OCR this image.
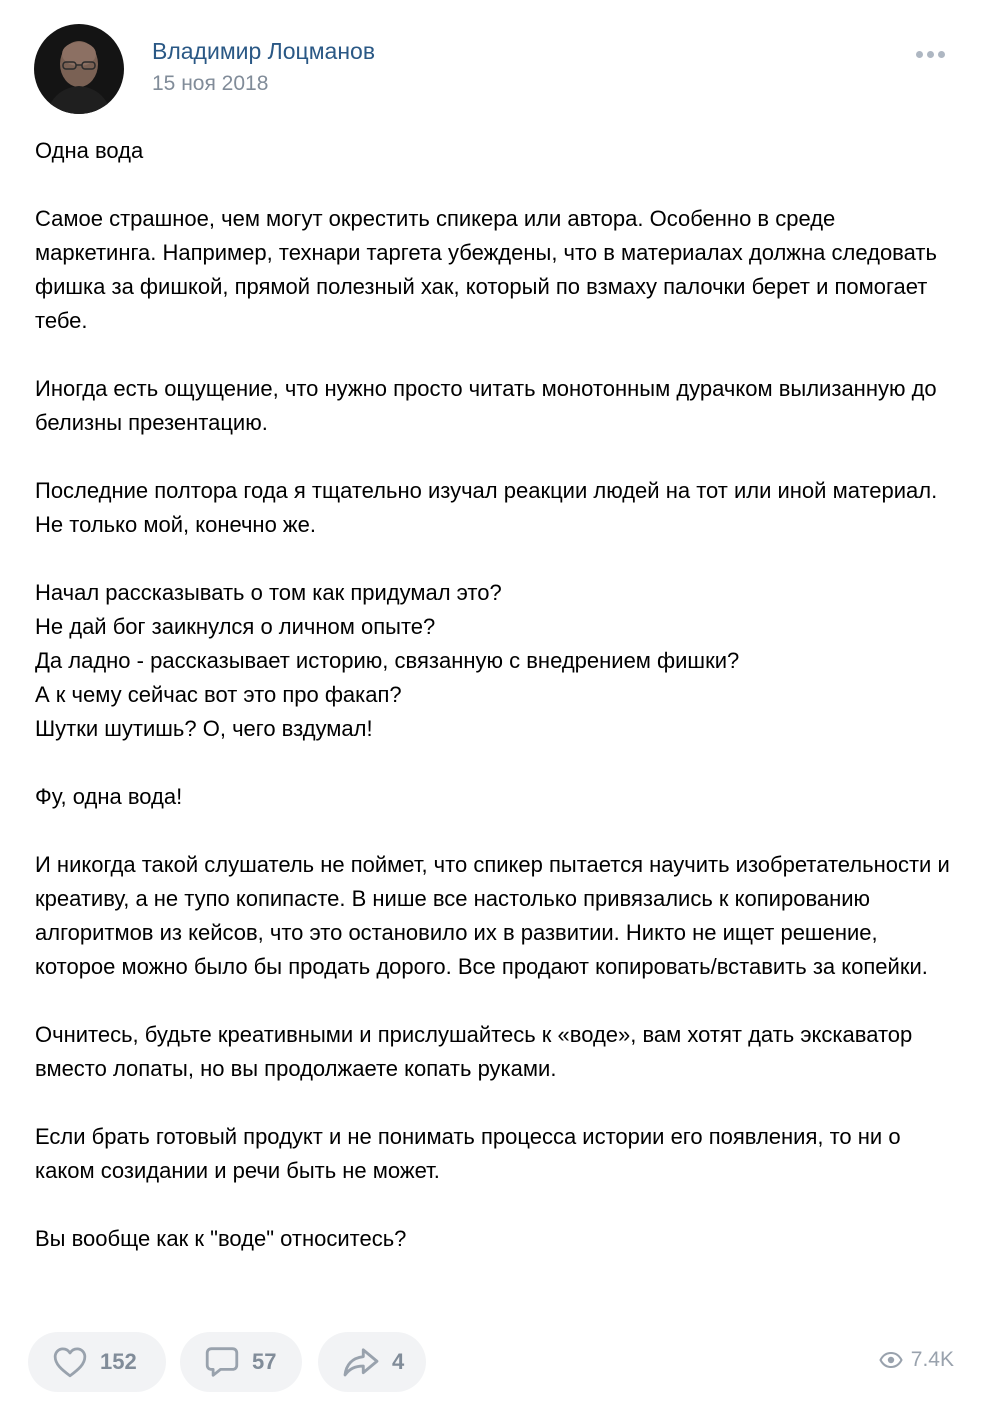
Владимир Лоцманов
15 ноя 2018

Одна вода

Самое страшное, чем могут окрестить спикера или автора. Особенно в среде маркетинга. Например, технари таргета убеждены, что в материалах должна следовать фишка за фишкой, прямой полезный хак, который по взмаху палочки берет и помогает тебе.

Иногда есть ощущение, что нужно просто читать монотонным дурачком вылизанную до белизны презентацию.

Последние полтора года я тщательно изучал реакции людей на тот или иной материал. Не только мой, конечно же.

Начал рассказывать о том как придумал это?
Не дай бог заикнулся о личном опыте?
Да ладно - рассказывает историю, связанную с внедрением фишки?
А к чему сейчас вот это про факап?
Шутки шутишь? О, чего вздумал!

Фу, одна вода!

И никогда такой слушатель не поймет, что спикер пытается научить изобретательности и креативу, а не тупо копипасте. В нише все настолько привязались к копированию алгоритмов из кейсов, что это остановило их в развитии. Никто не ищет решение, которое можно было бы продать дорого. Все продают копировать/вставить за копейки.

Очнитесь, будьте креативными и прислушайтесь к «воде», вам хотят дать экскаватор вместо лопаты, но вы продолжаете копать руками.

Если брать готовый продукт и не понимать процесса истории его появления, то ни о каком созидании и речи быть не может.

Вы вообще как к "воде" относитесь?

152	57	4	7.4K
